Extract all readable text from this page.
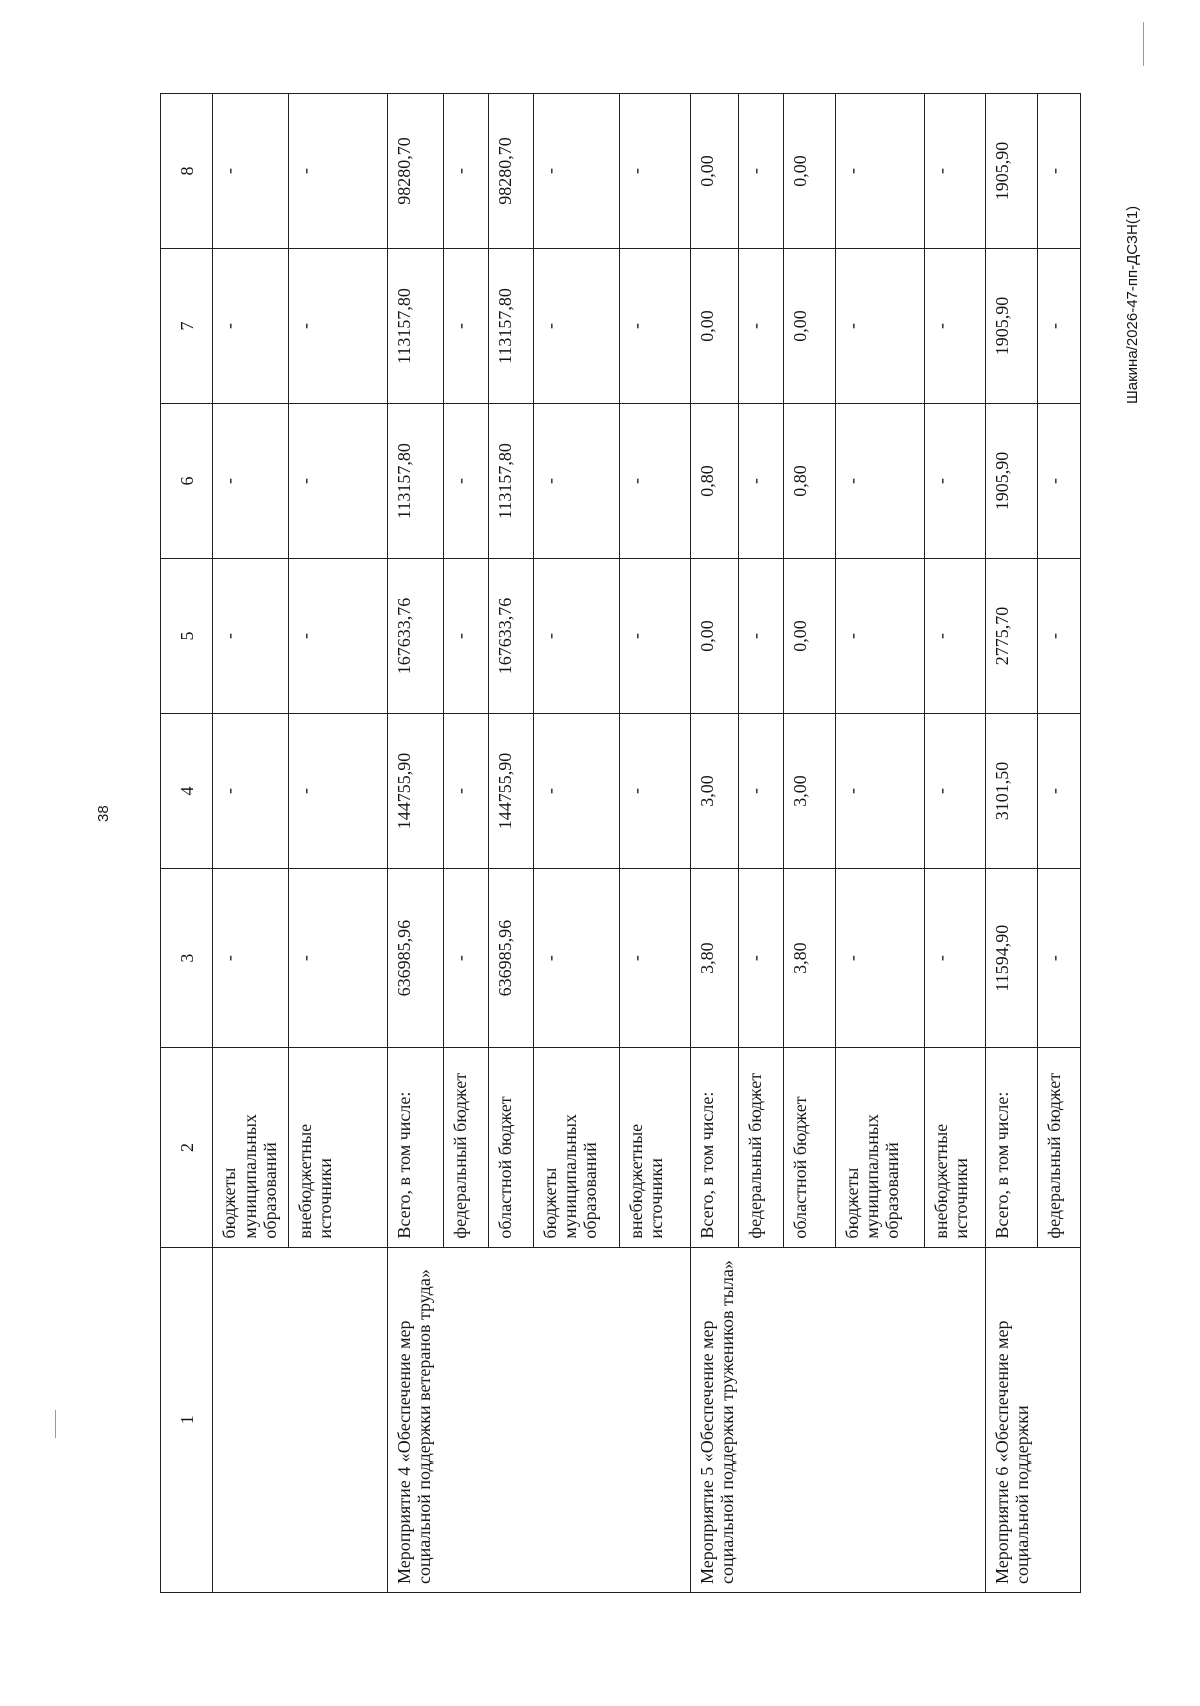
38
Шакина/2026-47-пп-ДСЗН(1)
1	2	3	4	5	6	7	8
	бюджеты муниципальных образований	-	-	-	-	-	-
	внебюджетные источники	-	-	-	-	-	-
Мероприятие 4 «Обеспечение мер социальной поддержки ветеранов труда»	Всего, в том числе:	636985,96	144755,90	167633,76	113157,80	113157,80	98280,70
	федеральный бюджет	-	-	-	-	-	-
	областной бюджет	636985,96	144755,90	167633,76	113157,80	113157,80	98280,70
	бюджеты муниципальных образований	-	-	-	-	-	-
	внебюджетные источники	-	-	-	-	-	-
Мероприятие 5 «Обеспечение мер социальной поддержки тружеников тыла»	Всего, в том числе:	3,80	3,00	0,00	0,80	0,00	0,00
	федеральный бюджет	-	-	-	-	-	-
	областной бюджет	3,80	3,00	0,00	0,80	0,00	0,00
	бюджеты муниципальных образований	-	-	-	-	-	-
	внебюджетные источники	-	-	-	-	-	-
Мероприятие 6 «Обеспечение мер социальной поддержки	Всего, в том числе:	11594,90	3101,50	2775,70	1905,90	1905,90	1905,90
	федеральный бюджет	-	-	-	-	-	-
